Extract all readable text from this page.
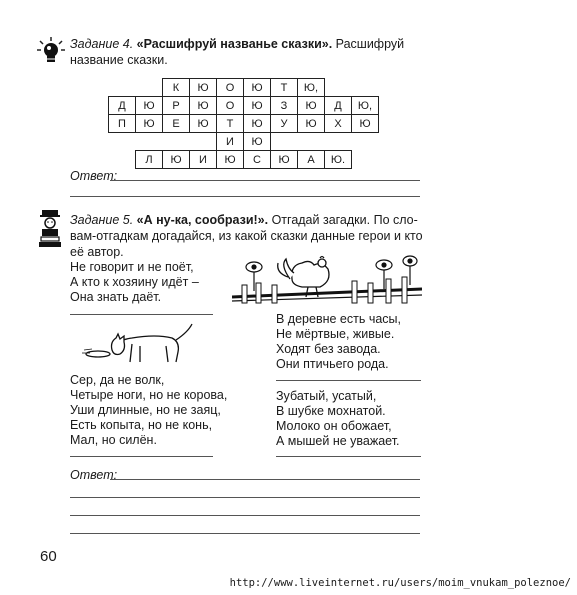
Задание 4. «Расшифруй названье сказки». Расшифруй
название сказки.
		К	Ю	О	Ю	Т	Ю,			
Д	Ю	Р	Ю	О	Ю	З	Ю	Д	Ю,	
П	Ю	Е	Ю	Т	Ю	У	Ю	Х	Ю	
				И	Ю					
	Л	Ю	И	Ю	С	Ю	А	Ю.		
Ответ:
Задание 5. «А ну-ка, сообрази!». Отгадай загадки. По сло-
вам-отгадкам догадайся, из какой сказки данные герои и кто
её автор.
Не говорит и не поёт,
А кто к хозяину идёт –
Она знать даёт.
В деревне есть часы,
Не мёртвые, живые.
Ходят без завода.
Они птичьего рода.
Сер, да не волк,
Четыре ноги, но не корова,
Уши длинные, но не заяц,
Есть копыта, но не конь,
Мал, но силён.
Зубатый, усатый,
В шубке мохнатой.
Молоко он обожает,
А мышей не уважает.
Ответ:
60
http://www.liveinternet.ru/users/moim_vnukam_poleznoe/
